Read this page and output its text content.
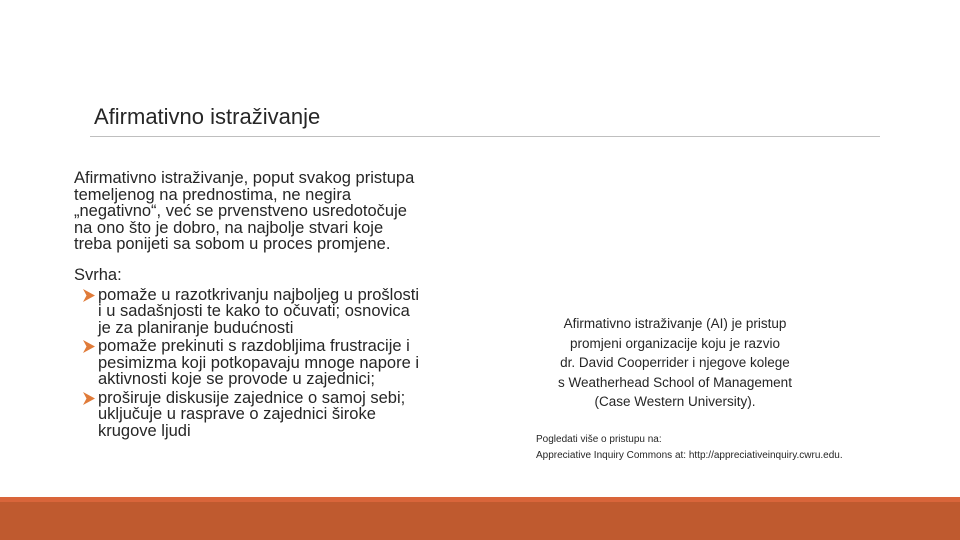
Afirmativno istraživanje

Afirmativno istraživanje, poput svakog pristupa
temeljenog na prednostima, ne negira
„negativno“, već se prvenstveno usredotočuje
na ono što je dobro, na najbolje stvari koje
treba ponijeti sa sobom u proces promjene.

Svrha:

pomaže u razotkrivanju najboljeg u prošlosti
i u sadašnjosti te kako to očuvati; osnovica
je za planiranje budućnosti
pomaže prekinuti s razdobljima frustracije i
pesimizma koji potkopavaju mnoge napore i
aktivnosti koje se provode u zajednici;
proširuje diskusije zajednice o samoj sebi;
uključuje u rasprave o zajednici široke
krugove ljudi

Afirmativno istraživanje (AI) je pristup
promjeni organizacije koju je razvio
dr. David Cooperrider i njegove kolege
s Weatherhead School of Management
(Case Western University).

Pogledati više o pristupu na:
Appreciative Inquiry Commons at: http://appreciativeinquiry.cwru.edu.
